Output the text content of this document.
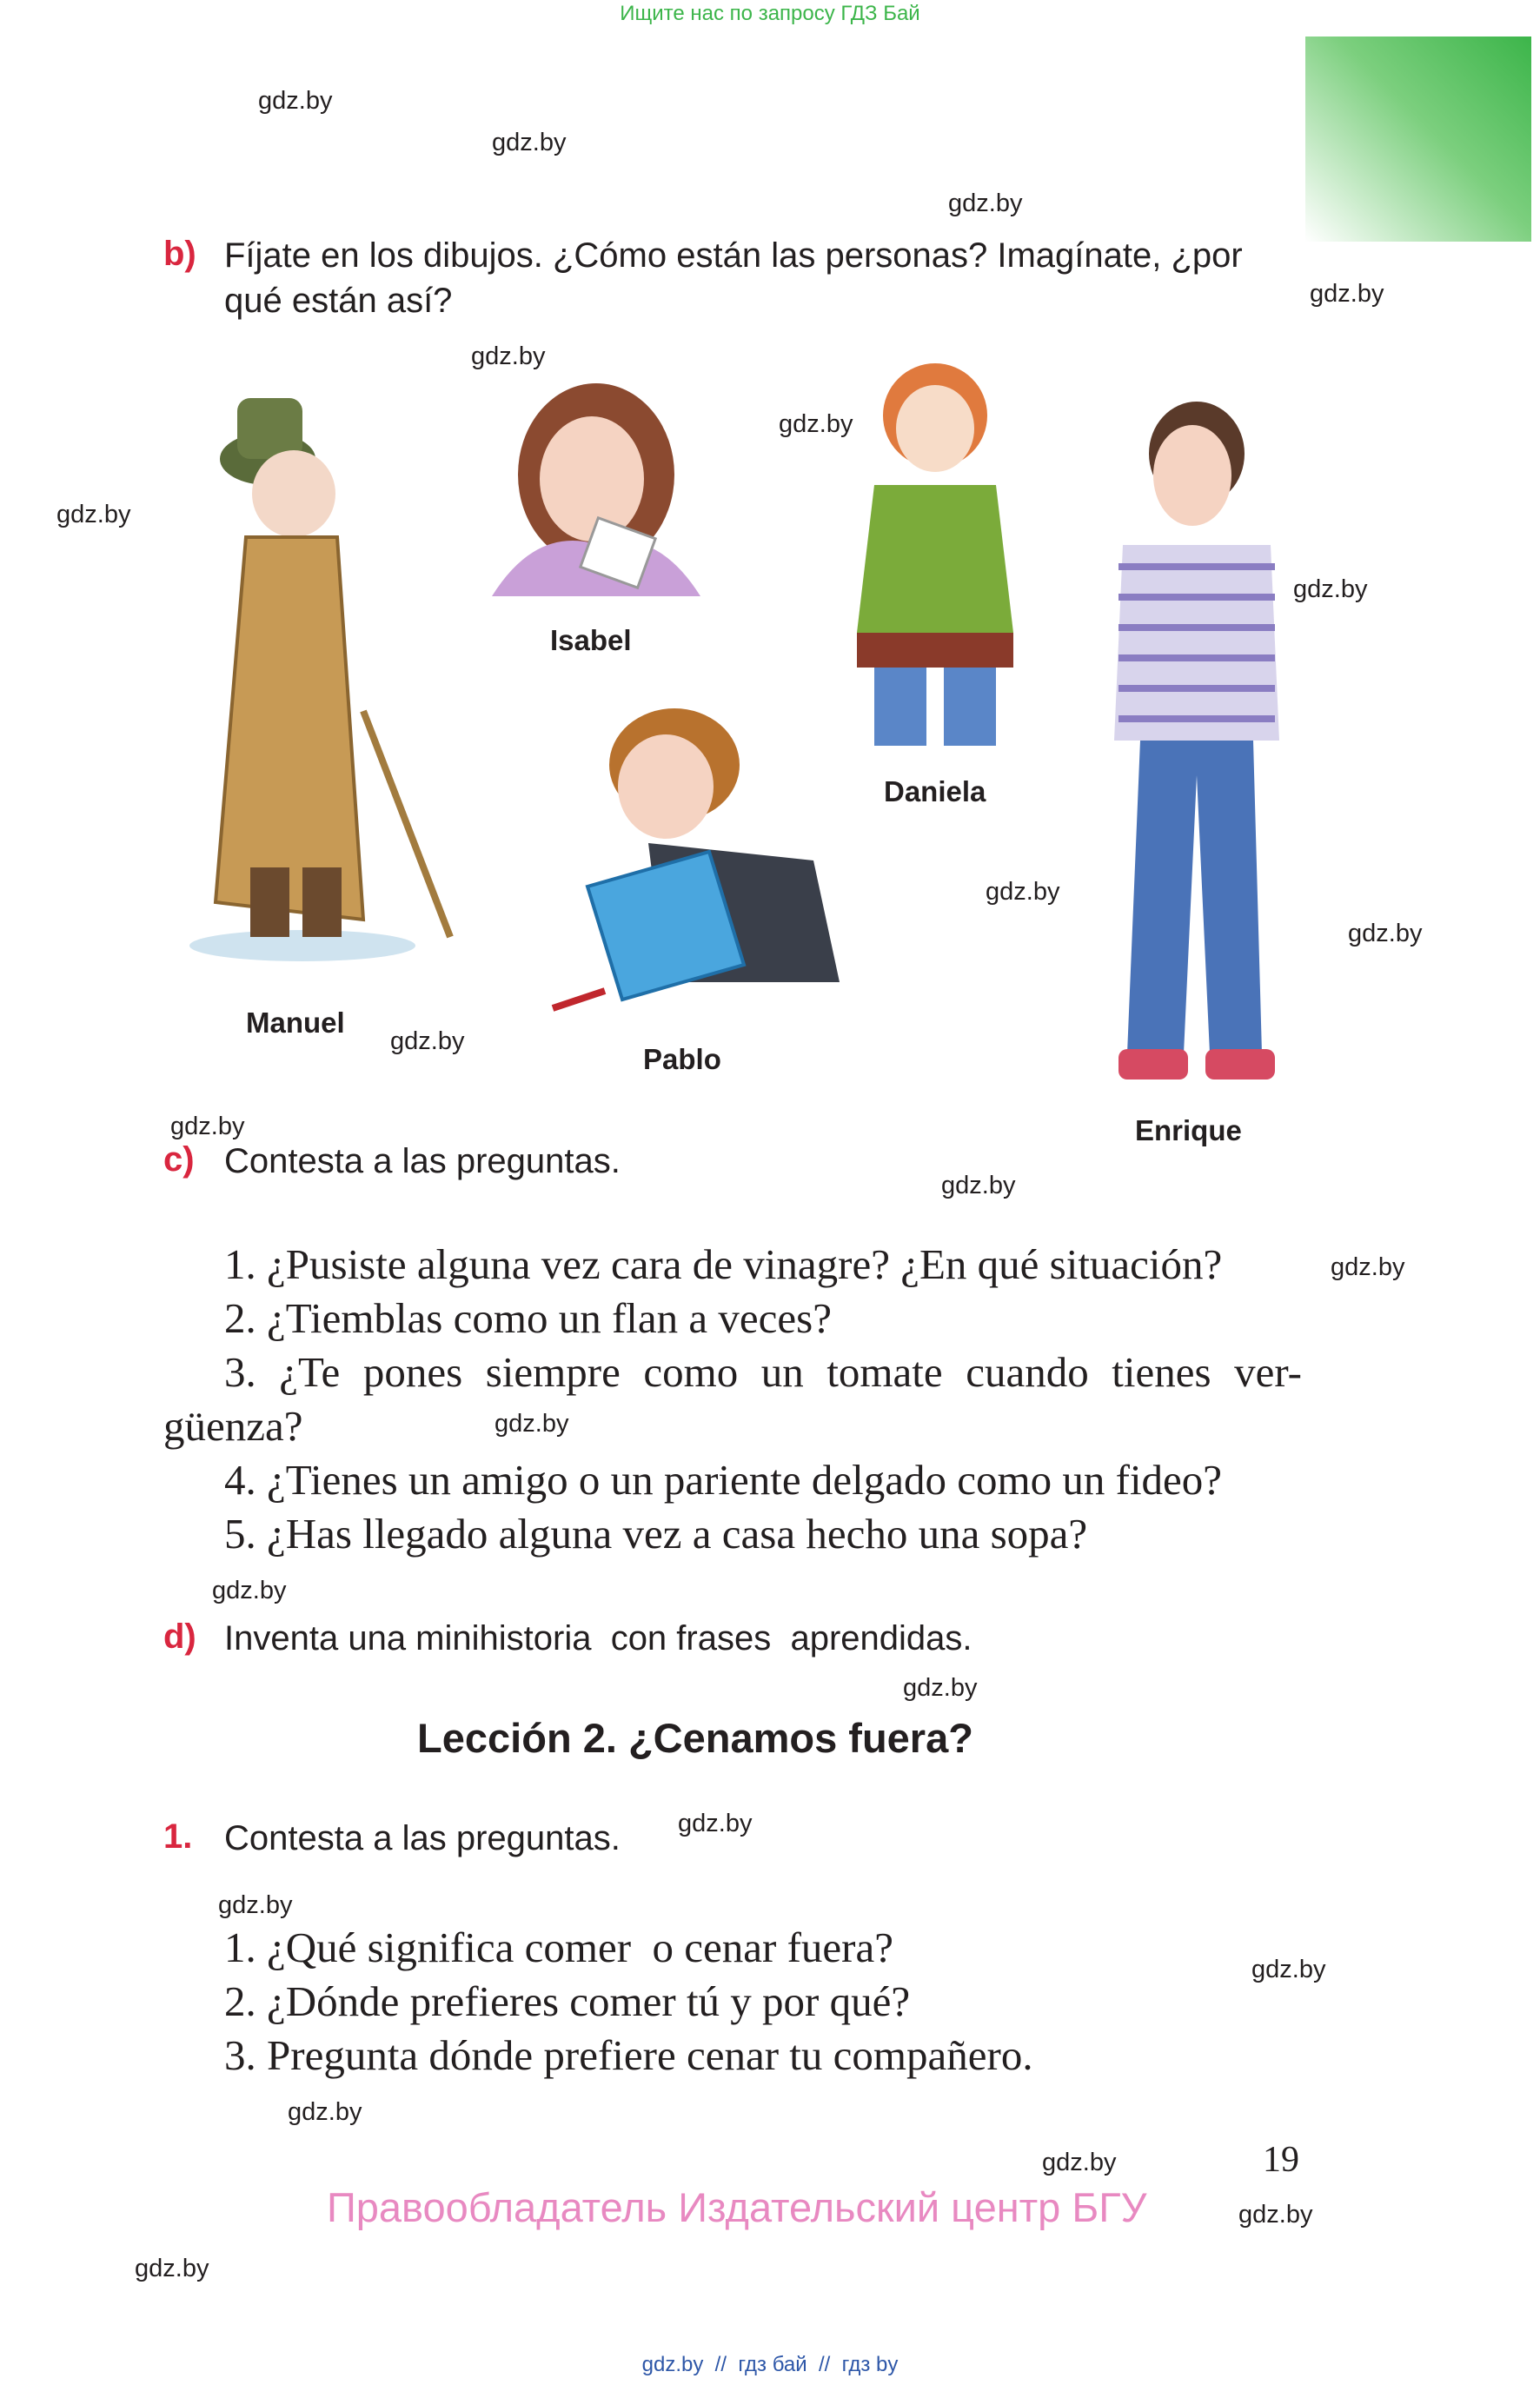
Ищите нас по запросу ГДЗ Бай
b) Fíjate en los dibujos. ¿Cómo están las personas? Imagínate, ¿por
qué están así?
Manuel
Isabel
Daniela
Pablo
Enrique
c) Contesta a las preguntas.
1. ¿Pusiste alguna vez cara de vinagre? ¿En qué situación?
2. ¿Tiemblas como un flan a veces?
3. ¿Te pones siempre como un tomate cuando tienes ver-
güenza?
4. ¿Tienes un amigo o un pariente delgado como un fideo?
5. ¿Has llegado alguna vez a casa hecho una sopa?
d) Inventa una minihistoria  con frases  aprendidas.
Lección 2. ¿Cenamos fuera?
1. Contesta a las preguntas.
1. ¿Qué significa comer  o cenar fuera?
2. ¿Dónde prefieres comer tú y por qué?
3. Pregunta dónde prefiere cenar tu compañero.
19
Правообладатель Издательский центр БГУ
gdz.by  //  гдз бай  //  гдз by
gdz.by
gdz.by
gdz.by
gdz.by
gdz.by
gdz.by
gdz.by
gdz.by
gdz.by
gdz.by
gdz.by
gdz.by
gdz.by
gdz.by
gdz.by
gdz.by
gdz.by
gdz.by
gdz.by
gdz.by
gdz.by
gdz.by
gdz.by
gdz.by
